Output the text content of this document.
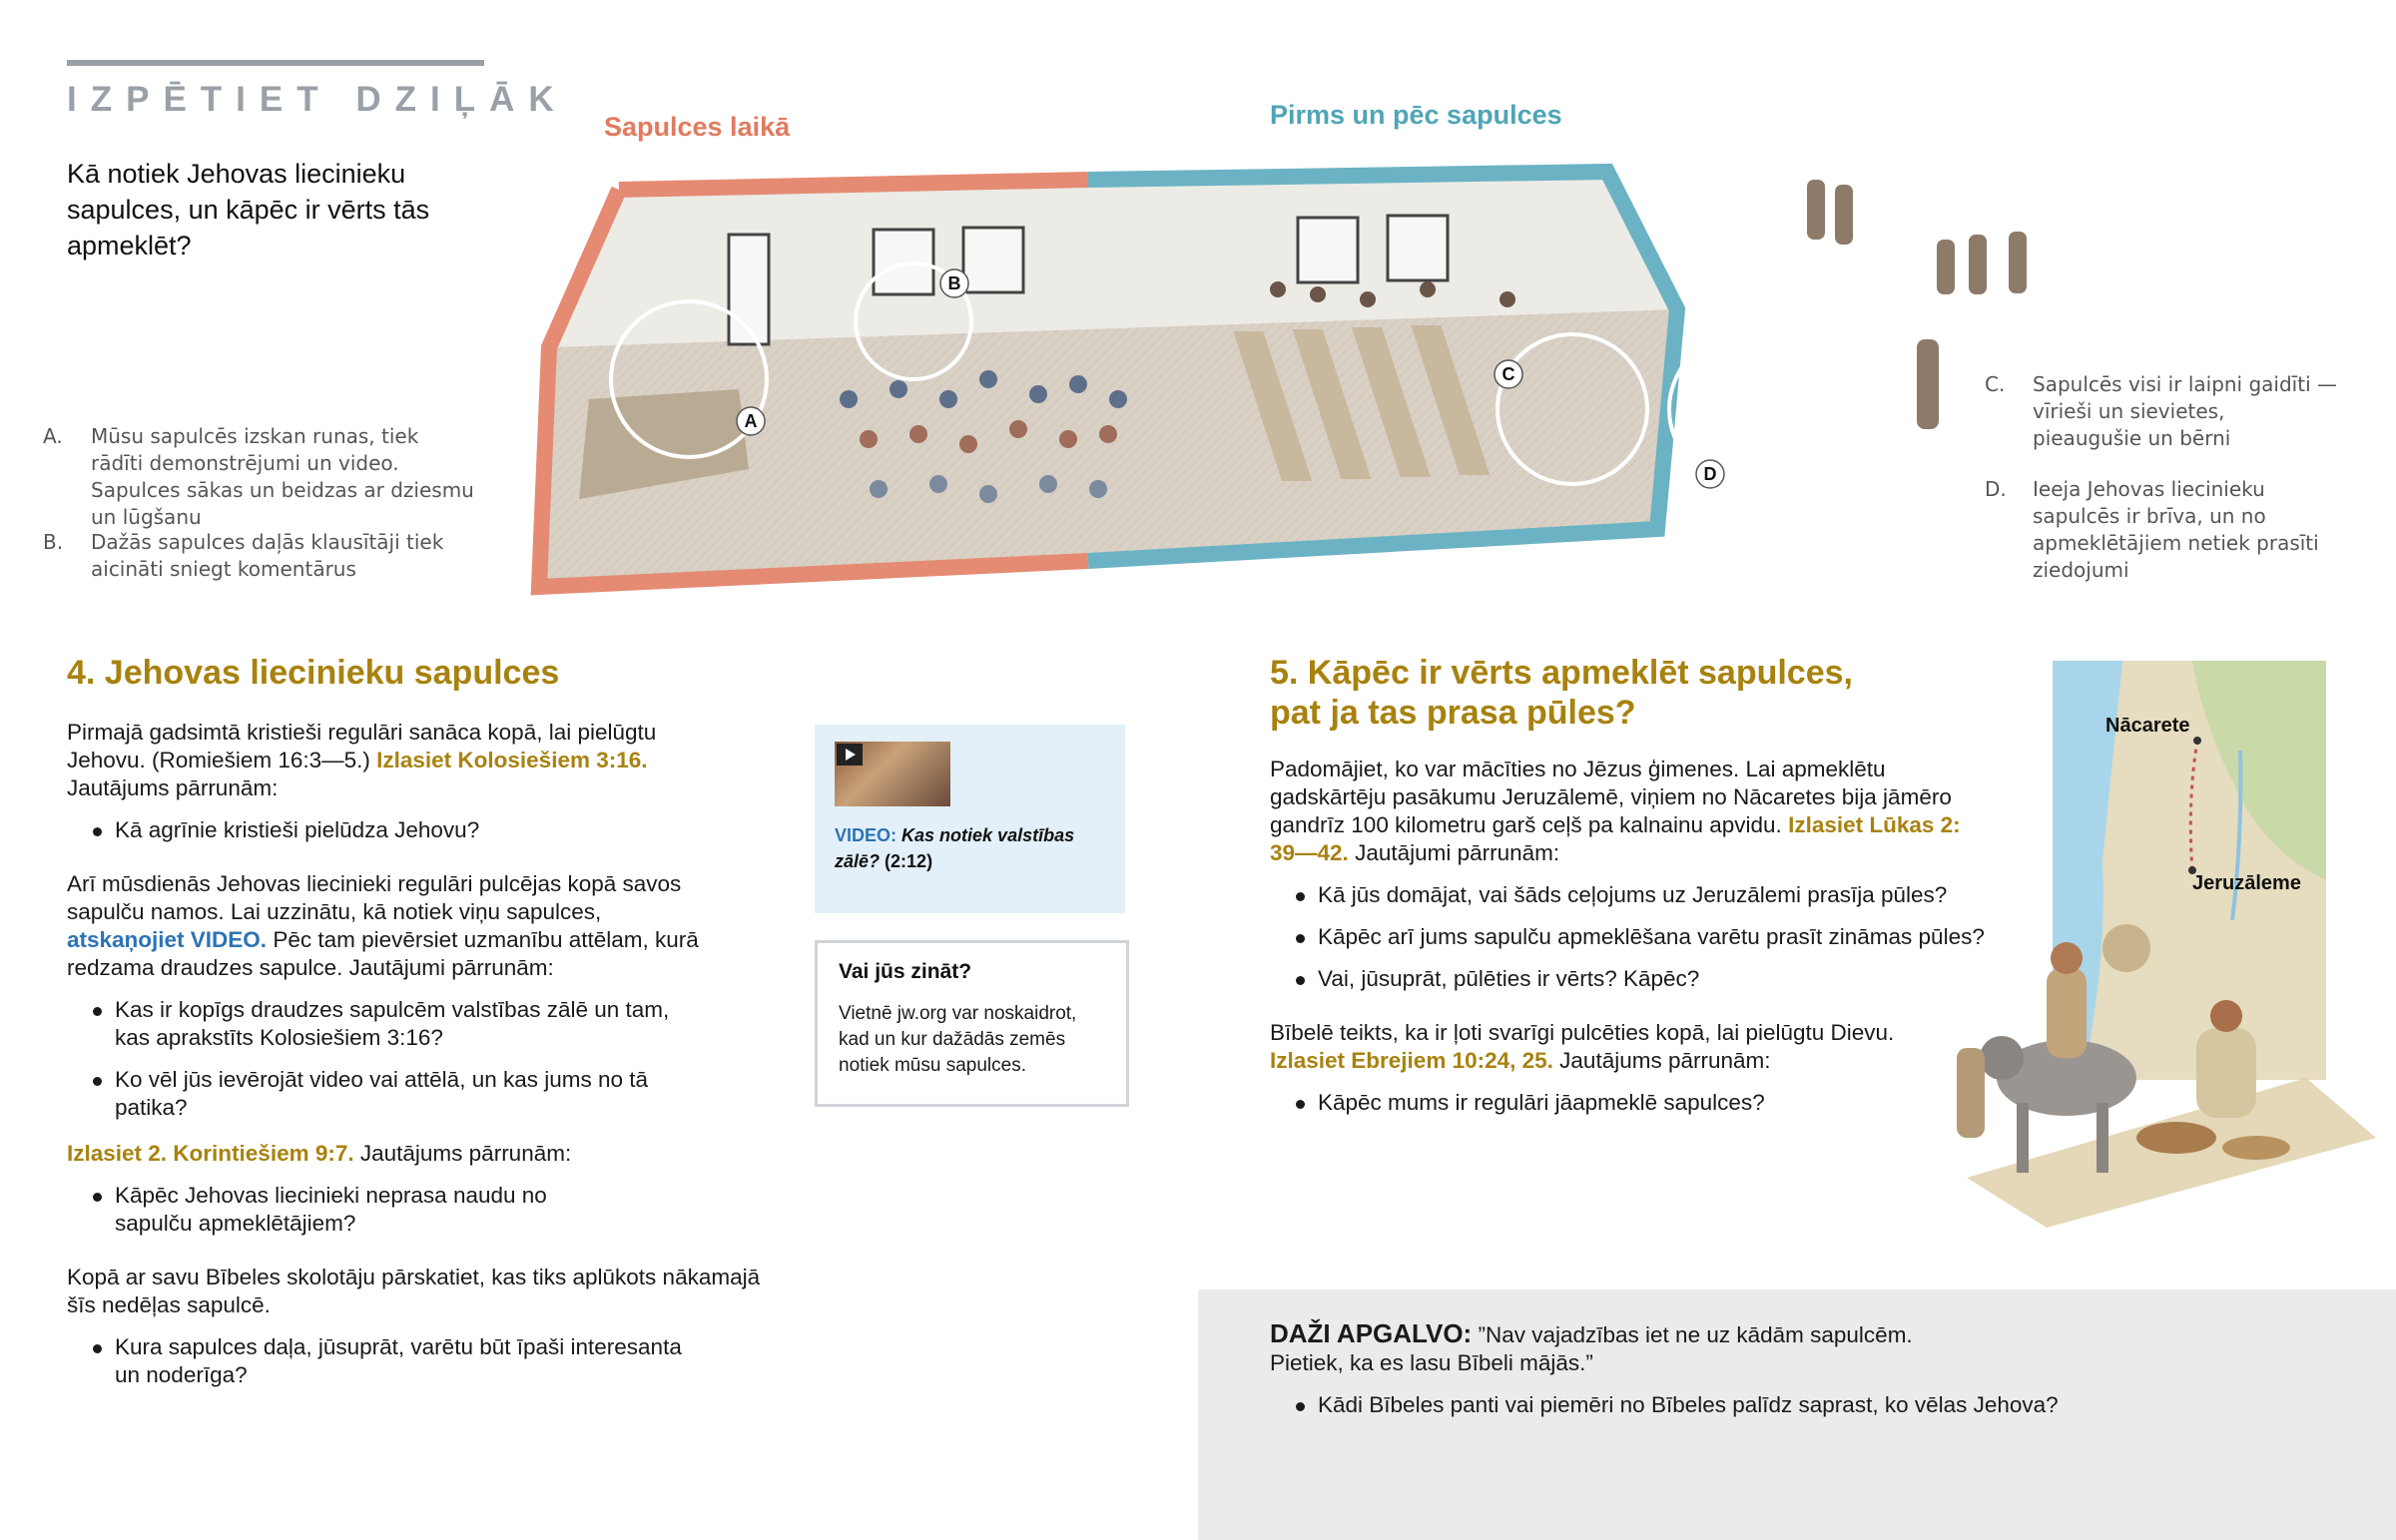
IZPĒTIET DZIĻĀK
Kā notiek Jehovas liecinieku sapulces, un kāpēc ir vērts tās apmeklēt?
A. Mūsu sapulcēs izskan runas, tiek rādīti demonstrējumi un video. Sapulces sākas un beidzas ar dziesmu un lūgšanu
B. Dažās sapulces daļās klausītāji tiek aicināti sniegt komentārus
C. Sapulcēs visi ir laipni gaidīti — vīrieši un sievietes, pieaugušie un bērni
D. Ieeja Jehovas liecinieku sapulcēs ir brīva, un no apmeklētājiem netiek prasīti ziedojumi
Sapulces laikā	Pirms un pēc sapulces
A
B
C
D
4. Jehovas liecinieku sapulces

Pirmajā gadsimtā kristieši regulāri sanāca kopā, lai pielūgtu Jehovu. (Romiešiem 16:3—5.) Izlasiet Kolosiešiem 3:16. Jautājums pārrunām:

Kā agrīnie kristieši pielūdza Jehovu?

Arī mūsdienās Jehovas liecinieki regulāri pulcējas kopā savos sapulču namos. Lai uzzinātu, kā notiek viņu sapulces, atskaņojiet VIDEO. Pēc tam pievērsiet uzmanību attēlam, kurā redzama draudzes sapulce. Jautājumi pārrunām:

Kas ir kopīgs draudzes sapulcēm valstības zālē un tam, kas aprakstīts Kolosiešiem 3:16?
Ko vēl jūs ievērojāt video vai attēlā, un kas jums no tā patika?

Izlasiet 2. Korintiešiem 9:7. Jautājums pārrunām:

Kāpēc Jehovas liecinieki neprasa naudu no sapulču apmeklētājiem?

Kopā ar savu Bībeles skolotāju pārskatiet, kas tiks aplūkots nākamajā šīs nedēļas sapulcē.

Kura sapulces daļa, jūsuprāt, varētu būt īpaši interesanta un noderīga?
VIDEO: Kas notiek valstības zālē? (2:12)
Vai jūs zināt?
Vietnē jw.org var noskaidrot, kad un kur dažādās zemēs notiek mūsu sapulces.
5. Kāpēc ir vērts apmeklēt sapulces,
pat ja tas prasa pūles?

Padomājiet, ko var mācīties no Jēzus ģimenes. Lai apmeklētu gadskārtēju pasākumu Jeruzālemē, viņiem no Nācaretes bija jāmēro gandrīz 100 kilometru garš ceļš pa kalnainu apvidu. Izlasiet Lūkas 2: 39—42. Jautājumi pārrunām:

Kā jūs domājat, vai šāds ceļojums uz Jeruzālemi prasīja pūles?
Kāpēc arī jums sapulču apmeklēšana varētu prasīt zināmas pūles?
Vai, jūsuprāt, pūlēties ir vērts? Kāpēc?

Bībelē teikts, ka ir ļoti svarīgi pulcēties kopā, lai pielūgtu Dievu. Izlasiet Ebrejiem 10:24, 25. Jautājums pārrunām:

Kāpēc mums ir regulāri jāapmeklē sapulces?
Nācarete
Jeruzāleme

DAŽI APGALVO: ”Nav vajadzības iet ne uz kādām sapulcēm. Pietiek, ka es lasu Bībeli mājās.”

Kādi Bībeles panti vai piemēri no Bībeles palīdz saprast, ko vēlas Jehova?
